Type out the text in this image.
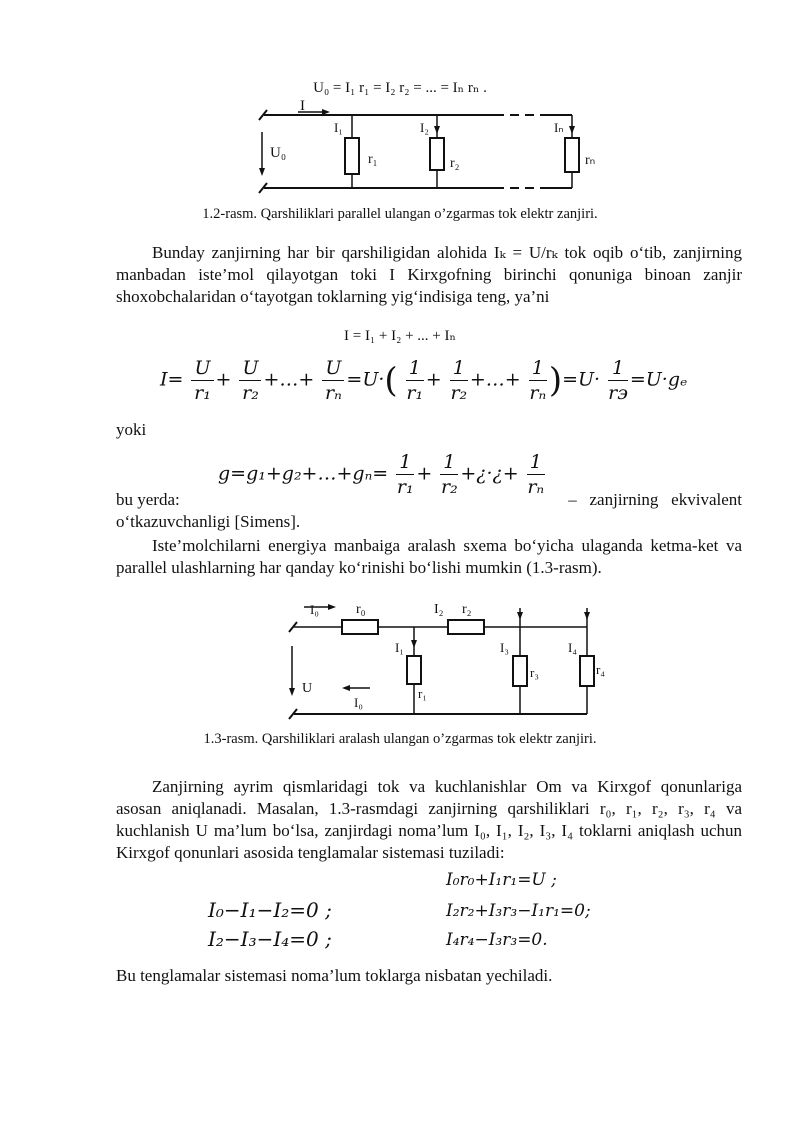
U₀ = I₁ r₁ = I₂ r₂ = ... = Iₙ rₙ .
I
U₀
I₁
r₁
I₂
r₂
Iₙ
rₙ
1.2-rasm. Qarshiliklari parallel ulangan o’zgarmas tok elektr zanjiri.
Bunday zanjirning har bir qarshiligidan alohida Iₖ = U/rₖ tok oqib o‘tib, zanjirning manbadan iste’mol qilayotgan toki I Kirxgofning birinchi qonuniga binoan zanjir shoxobchalaridan o‘tayotgan toklarning yig‘indisiga teng, ya’ni
I = I₁ + I₂ + ... + Iₙ
$I= \frac{U}{\text{r₁}} + \frac{U}{\text{r₂}}$ +…+ $\frac{U}{\text{rₙ}} =U\cdot( \frac{1}{\text{r₁}} + \frac{1}{\text{r₂}}$ +…+ $\frac{1}{\text{rₙ}} )=U\cdot \frac{1}{rэ} =U\cdot g_e$
yoki
g=g₁+g₂+…+gₙ= $\frac{1}{\text{r₁}} + \frac{1}{\text{r₂}}$ +¿·¿+ $\frac{1}{\text{rₙ}}$
bu yerda:	–   zanjirning   ekvivalent
o‘tkazuvchanligi [Simens].
Iste’molchilarni energiya manbaiga aralash sxema bo‘yicha ulaganda ketma-ket va parallel ulashlarning har qanday ko‘rinishi bo‘lishi mumkin (1.3-rasm).
I₀	r₀	I₂ r₂
I₁
r₁
I₃
r₃
I₄
r₄
U
I₀
1.3-rasm. Qarshiliklari aralash ulangan o’zgarmas tok elektr zanjiri.
Zanjirning ayrim qismlaridagi tok va kuchlanishlar Om va Kirxgof qonunlariga asosan aniqlanadi. Masalan, 1.3-rasmdagi zanjirning qarshiliklari r₀, r₁, r₂, r₃, r₄ va kuchlanish U ma’lum bo‘lsa, zanjirdagi noma’lum I₀, I₁, I₂, I₃, I₄ toklarni aniqlash uchun Kirxgof qonunlari asosida tenglamalar sistemasi tuziladi:
I₀r₀+I₁r₁=U ;
I₀−I₁−I₂=0 ;	I₂r₂+I₃r₃−I₁r₁=0;
I₂−I₃−I₄=0 ;	I₄r₄−I₃r₃=0.
Bu tenglamalar sistemasi noma’lum toklarga nisbatan yechiladi.
